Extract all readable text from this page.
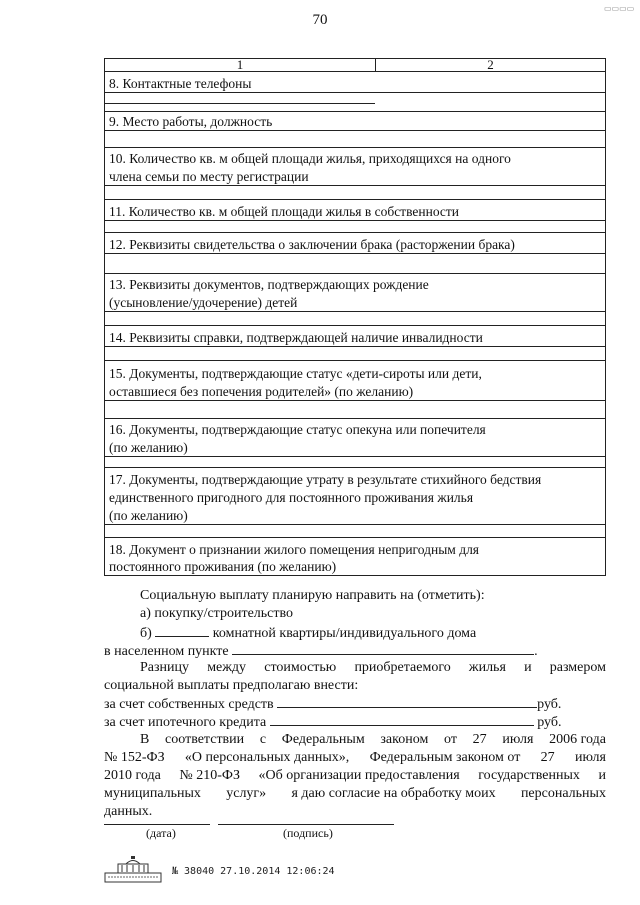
70
▭▭▭▭
1	2
8. Контактные телефоны
9. Место работы, должность
10. Количество кв. м общей площади жилья, приходящихся на одного
члена семьи по месту регистрации
11. Количество кв. м общей площади жилья в собственности
12. Реквизиты свидетельства о заключении брака (расторжении брака)
13. Реквизиты документов, подтверждающих рождение
(усыновление/удочерение) детей
14. Реквизиты справки, подтверждающей наличие инвалидности
15. Документы, подтверждающие статус «дети-сироты или дети,
оставшиеся без попечения родителей» (по желанию)
16. Документы, подтверждающие статус опекуна или попечителя
(по желанию)
17. Документы, подтверждающие утрату в результате стихийного бедствия
единственного пригодного для постоянного проживания жилья
(по желанию)
18. Документ о признании жилого помещения непригодным для
постоянного проживания (по желанию)
Социальную выплату планирую направить на (отметить):
а) покупку/строительство
б)	комнатной квартиры/индивидуального дома
в населенном пункте	.
Разницу между стоимостью приобретаемого жилья и размером
социальной выплаты предполагаю внести:
за счет собственных средств	руб.
за счет ипотечного кредита	руб.
В соответствии с Федеральным законом от 27 июля 2006 года
№ 152-ФЗ «О персональных данных», Федеральным законом от 27 июля
2010 года № 210-ФЗ «Об организации предоставления государственных и
муниципальных услуг» я даю согласие на обработку моих персональных
данных.
(дата)	(подпись)
№ 38040 27.10.2014 12:06:24
